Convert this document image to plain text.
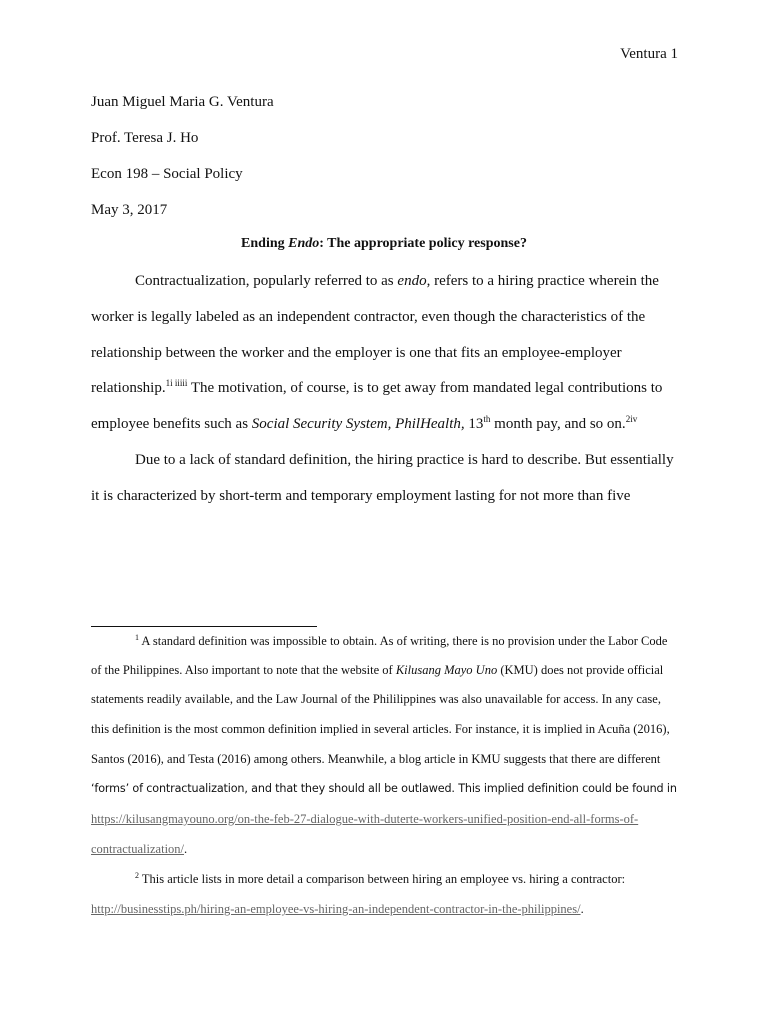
Ventura 1
Juan Miguel Maria G. Ventura
Prof. Teresa J. Ho
Econ 198 – Social Policy
May 3, 2017
Ending Endo: The appropriate policy response?
Contractualization, popularly referred to as endo, refers to a hiring practice wherein the
worker is legally labeled as an independent contractor, even though the characteristics of the
relationship between the worker and the employer is one that fits an employee-employer
relationship.$^{1i iiiii}$ The motivation, of course, is to get away from mandated legal contributions to
employee benefits such as Social Security System, PhilHealth, 13th month pay, and so on.$^{2iv}$
Due to a lack of standard definition, the hiring practice is hard to describe. But essentially
it is characterized by short-term and temporary employment lasting for not more than five
$^1$ A standard definition was impossible to obtain. As of writing, there is no provision under the Labor Code
of the Philippines. Also important to note that the website of Kilusang Mayo Uno (KMU) does not provide official
statements readily available, and the Law Journal of the Phililippines was also unavailable for access. In any case,
this definition is the most common definition implied in several articles. For instance, it is implied in Acuña (2016),
Santos (2016), and Testa (2016) among others. Meanwhile, a blog article in KMU suggests that there are different
‘forms’ of contractualization, and that they should all be outlawed. This implied definition could be found in
https://kilusangmayouno.org/on-the-feb-27-dialogue-with-duterte-workers-unified-position-end-all-forms-of-
contractualization/.
$^2$ This article lists in more detail a comparison between hiring an employee vs. hiring a contractor:
http://businesstips.ph/hiring-an-employee-vs-hiring-an-independent-contractor-in-the-philippines/.
